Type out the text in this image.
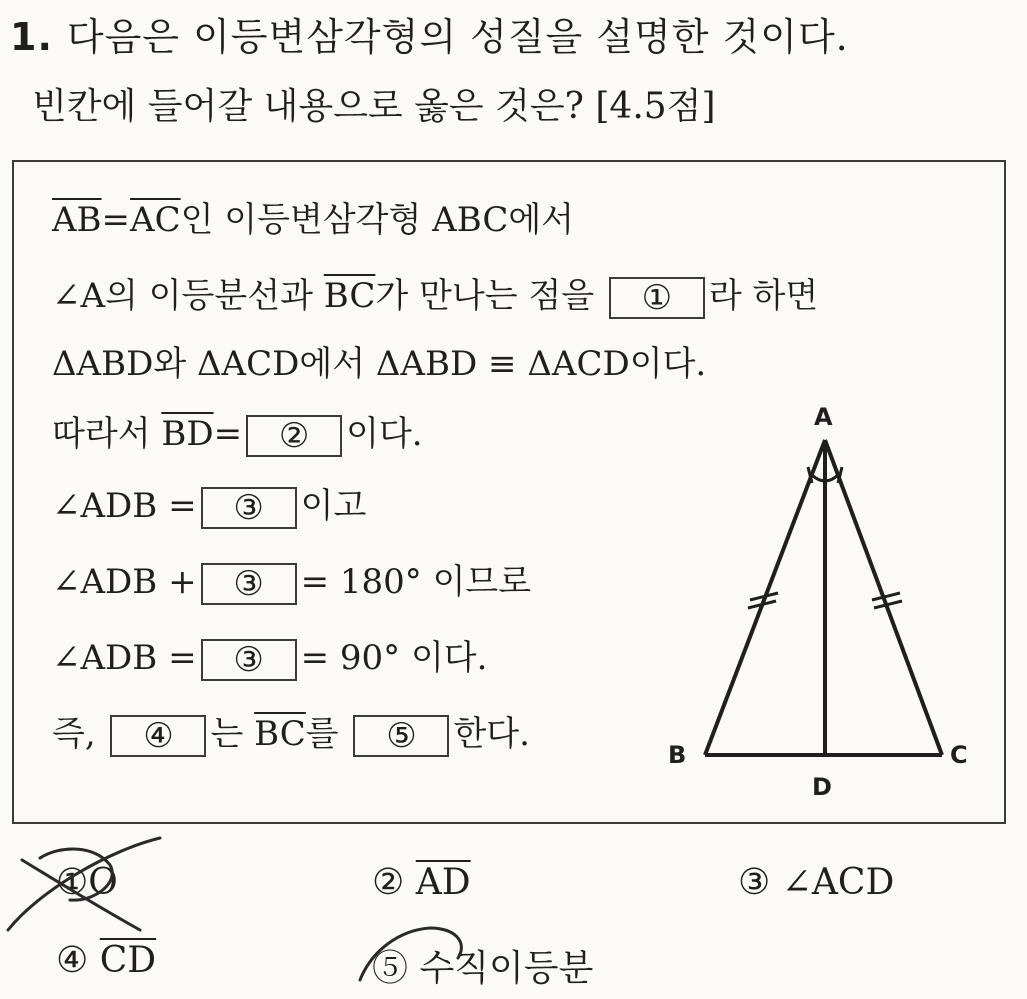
1. 다음은 이등변삼각형의 성질을 설명한 것이다.
빈칸에 들어갈 내용으로 옳은 것은? [4.5점]
$\overline{AB}=\overline{AC}$인 이등변삼각형 ABC에서
∠A의 이등분선과 $\overline{BC}$가 만나는 점을 ① 라 하면
ΔABD와 ΔACD에서 ΔABD ≡ ΔACD이다.
따라서 $\overline{BD}=$ ② 이다.
∠ADB = ③ 이고
∠ADB + ③ = 180° 이므로
∠ADB = ③ = 90° 이다.
즉, ④ 는 $\overline{BC}$를 ⑤ 한다.
A
B	C
D
①O	② $\overline{AD}$	③ ∠ACD
④ $\overline{CD}$	⑤ 수직이등분
